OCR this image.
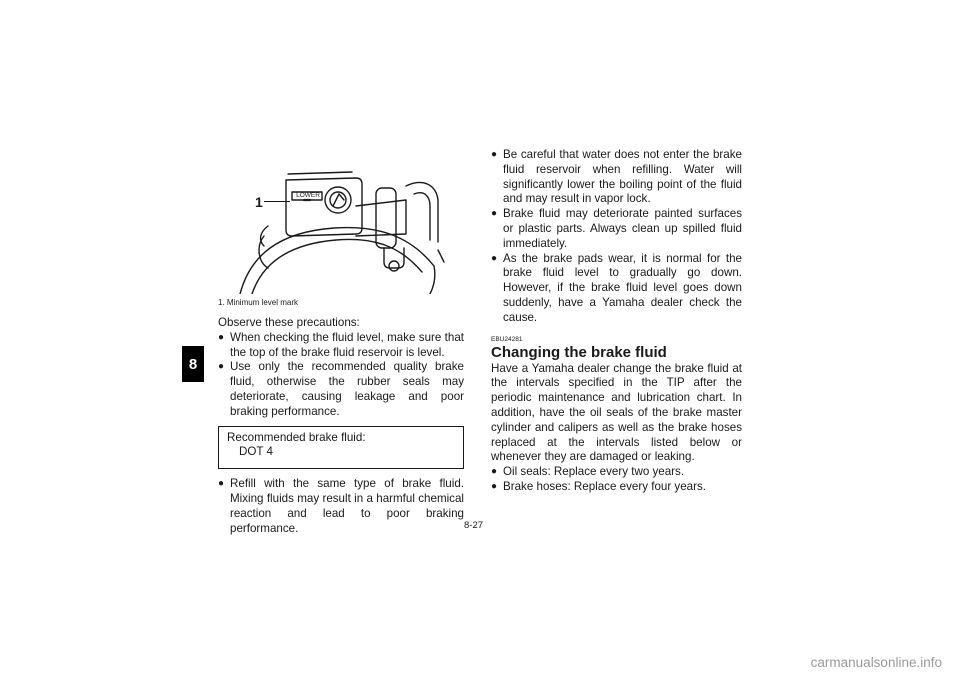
8
LOWER
1
1. Minimum level mark

Observe these precautions:

● When checking the fluid level, make sure that the top of the brake fluid reservoir is level.
● Use only the recommended quality brake fluid, otherwise the rubber seals may deteriorate, causing leakage and poor braking performance.
Recommended brake fluid:
DOT 4
● Refill with the same type of brake fluid. Mixing fluids may result in a harmful chemical reaction and lead to poor braking performance.
● Be careful that water does not enter the brake fluid reservoir when refilling. Water will significantly lower the boiling point of the fluid and may result in vapor lock.
● Brake fluid may deteriorate painted surfaces or plastic parts. Always clean up spilled fluid immediately.
● As the brake pads wear, it is normal for the brake fluid level to gradually go down. However, if the brake fluid level goes down suddenly, have a Yamaha dealer check the cause.
EBU24281
Changing the brake fluid

Have a Yamaha dealer change the brake fluid at the intervals specified in the TIP after the periodic maintenance and lubrication chart. In addition, have the oil seals of the brake master cylinder and calipers as well as the brake hoses replaced at the intervals listed below or whenever they are damaged or leaking.

● Oil seals: Replace every two years.
● Brake hoses: Replace every four years.
8-27
carmanualsonline.info
